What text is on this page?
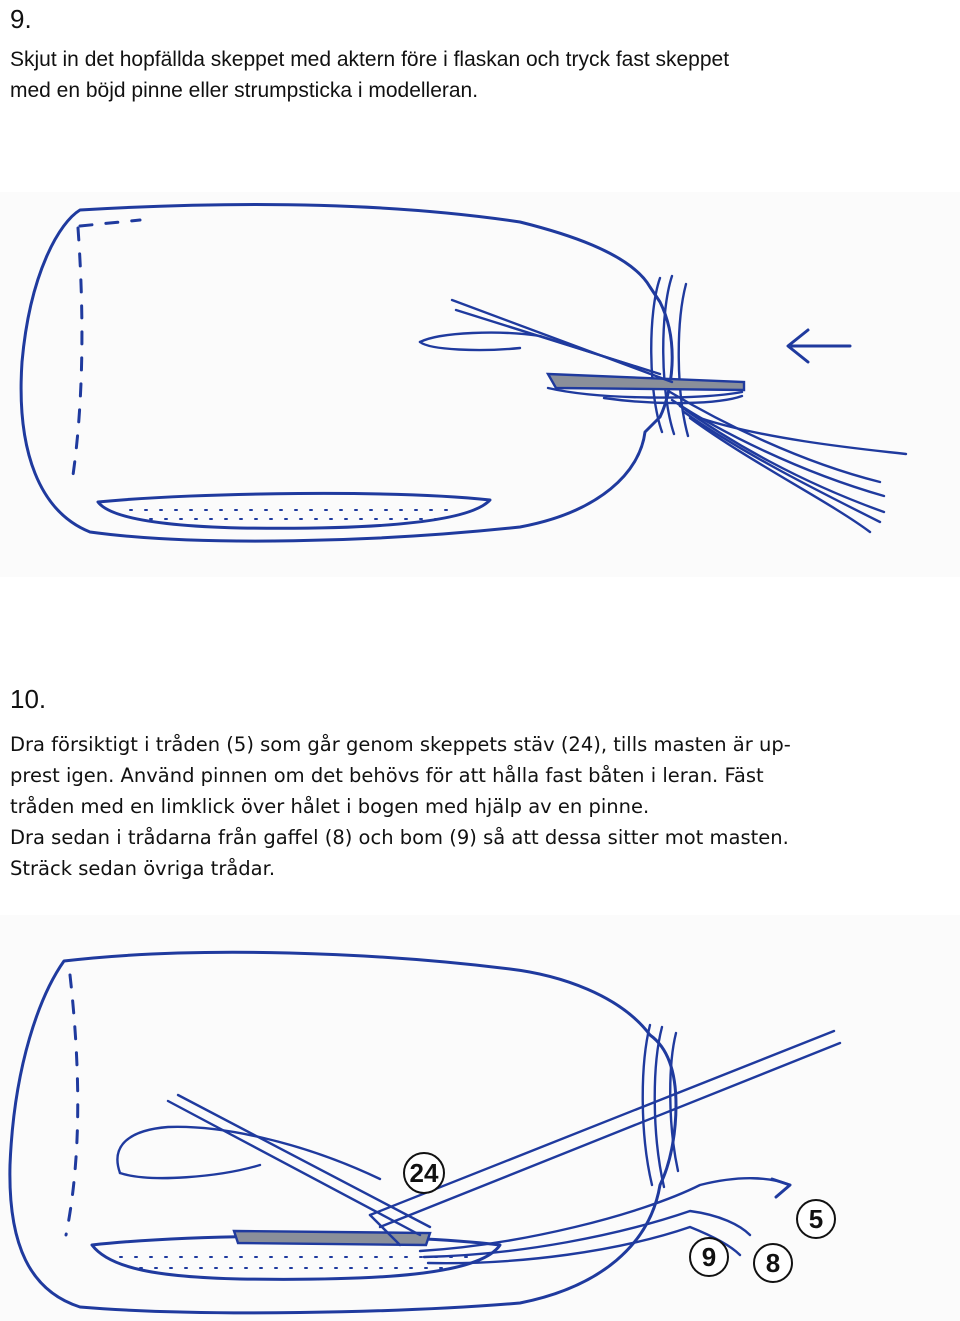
9.

Skjut in det hopfällda skeppet med aktern före i flaskan och tryck fast skeppet
med en böjd pinne eller strumpsticka i modelleran.

10.

Dra försiktigt i tråden (5) som går genom skeppets stäv (24), tills masten är up-
prest igen. Använd pinnen om det behövs för att hålla fast båten i leran. Fäst
tråden med en limklick över hålet i bogen med hjälp av en pinne.
Dra sedan i trådarna från gaffel (8) och bom (9) så att dessa sitter mot masten.
Sträck sedan övriga trådar.

24
5
9 8
